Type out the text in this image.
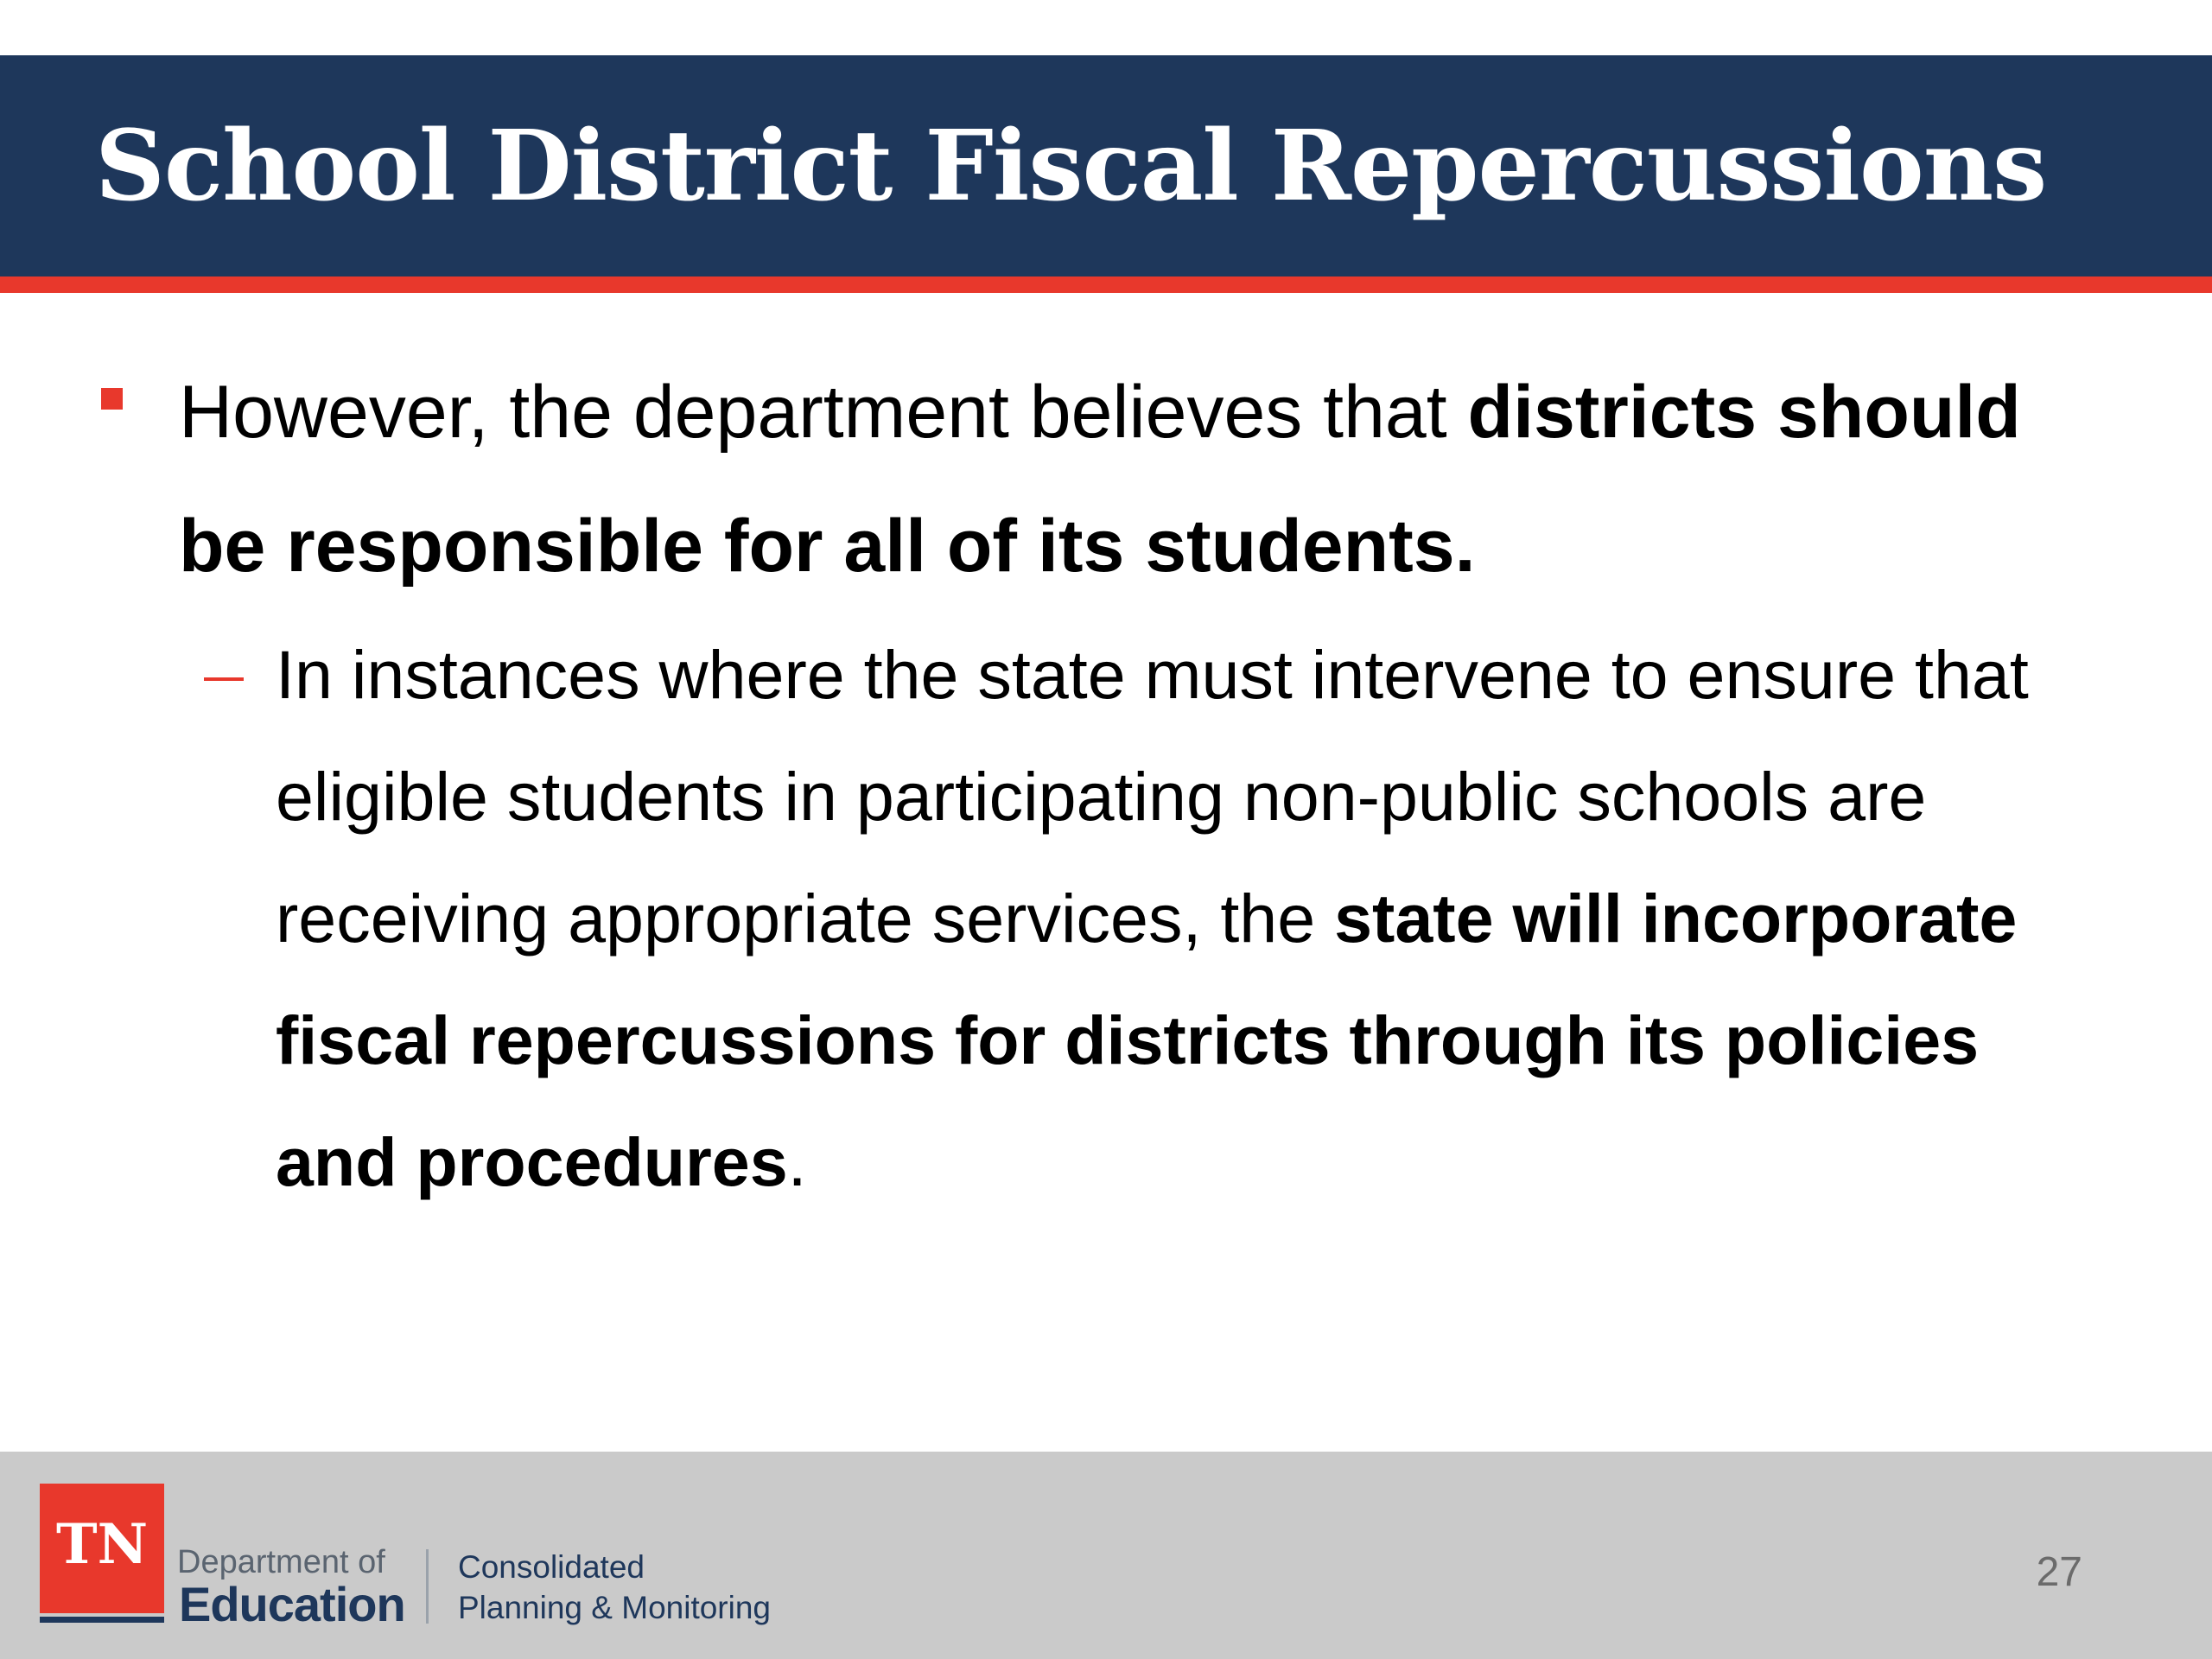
School District Fiscal Repercussions

However, the department believes that districts should be responsible for all of its students.

In instances where the state must intervene to ensure that eligible students in participating non-public schools are receiving appropriate services, the state will incorporate fiscal repercussions for districts through its policies and procedures.

TN Department of
Education
Consolidated
Planning & Monitoring
27
